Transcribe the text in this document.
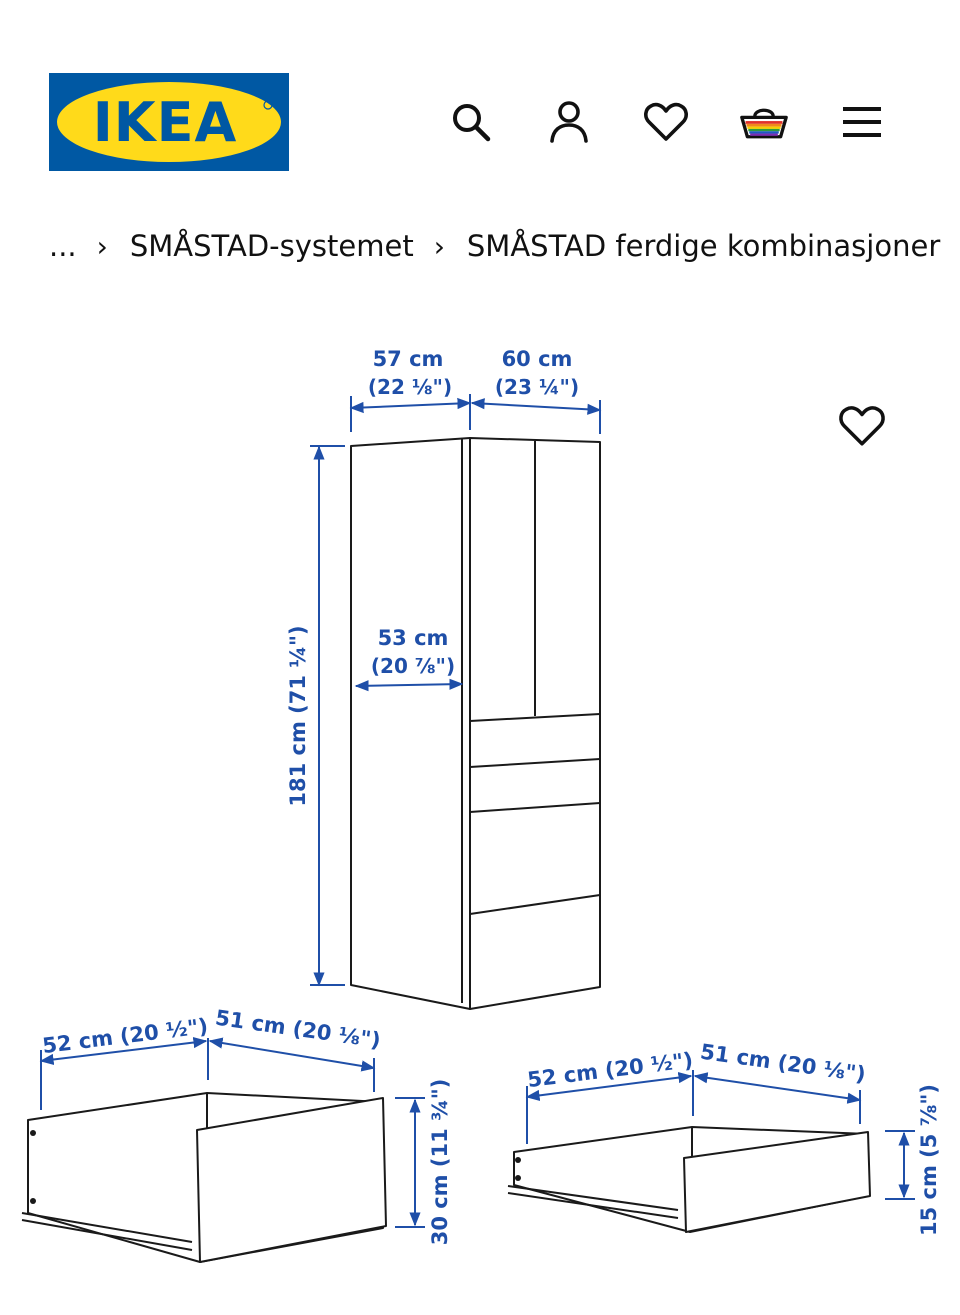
IKEA
... › SMÅSTAD-systemet › SMÅSTAD ferdige kombinasjoner
57 cm
(22 ⅛")
60 cm
(23 ¼")
181 cm (71 ¼")	53 cm
(20 ⅞")
52 cm (20 ½") 51 cm (20 ⅛")
30 cm (11 ¾")
52 cm (20 ½") 51 cm (20 ⅛")
15 cm (5 ⅞")
